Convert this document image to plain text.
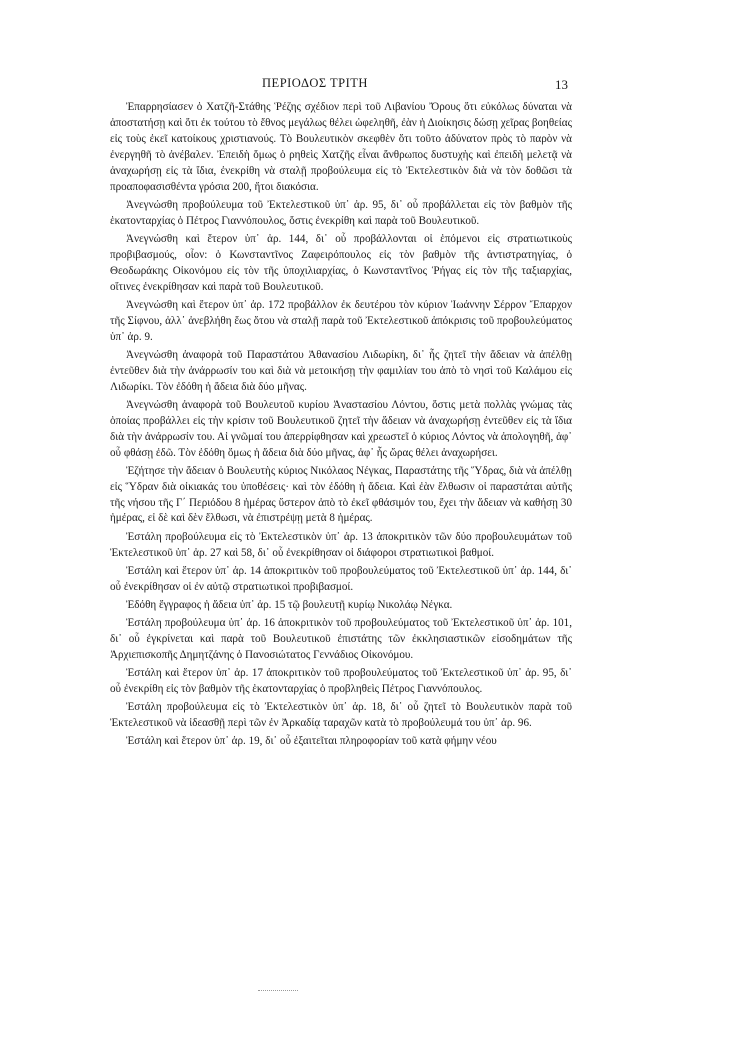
ΠΕΡΙΟΔΟΣ ΤΡΙΤΗ	13

Ἐπαρρησίασεν ὁ Χατζῆ-Στάθης Ῥέζης σχέδιον περὶ τοῦ Λιβανίου Ὄρους ὅτι εὐκόλως δύναται νὰ ἀποστατήσῃ καὶ ὅτι ἐκ τούτου τὸ ἔθνος μεγάλως θέλει ὠφεληθῆ, ἐὰν ἡ Διοίκησις δώσῃ χεῖρας βοηθείας εἰς τοὺς ἐκεῖ κατοίκους χριστιανούς. Τὸ Βουλευτικὸν σκεφθὲν ὅτι τοῦτο ἀδύνατον πρὸς τὸ παρὸν νὰ ἐνεργηθῆ τὸ ἀνέβαλεν. Ἐπειδὴ ὅμως ὁ ρηθεὶς Χατζῆς εἶναι ἄνθρωπος δυστυχὴς καὶ ἐπειδὴ μελετᾷ νὰ ἀναχωρήσῃ εἰς τὰ ἴδια, ἐνεκρίθη νὰ σταλῇ προβούλευμα εἰς τὸ Ἐκτελεστικὸν διὰ νὰ τὸν δοθῶσι τὰ προαποφασισθέντα γρόσια 200, ἤτοι διακόσια.

Ἀνεγνώσθη προβούλευμα τοῦ Ἐκτελεστικοῦ ὑπ᾿ ἀρ. 95, δι᾿ οὗ προβάλλεται εἰς τὸν βαθμὸν τῆς ἑκατονταρχίας ὁ Πέτρος Γιαννόπουλος, ὅστις ἐνεκρίθη καὶ παρὰ τοῦ Βουλευτικοῦ.

Ἀνεγνώσθη καὶ ἕτερον ὑπ᾿ ἀρ. 144, δι᾿ οὗ προβάλλονται οἱ ἑπόμενοι εἰς στρατιωτικοὺς προβιβασμούς, οἷον: ὁ Κωνσταντῖνος Ζαφειρόπουλος εἰς τὸν βαθμὸν τῆς ἀντιστρατηγίας, ὁ Θεοδωράκης Οἰκονόμου εἰς τὸν τῆς ὑποχιλιαρχίας, ὁ Κωνσταντῖνος Ῥήγας εἰς τὸν τῆς ταξιαρχίας, οἵτινες ἐνεκρίθησαν καὶ παρὰ τοῦ Βουλευτικοῦ.

Ἀνεγνώσθη καὶ ἕτερον ὑπ᾿ ἀρ. 172 προβάλλον ἐκ δευτέρου τὸν κύριον Ἰωάννην Σέρρον Ἔπαρχον τῆς Σίφνου, ἀλλ᾿ ἀνεβλήθη ἕως ὅτου νὰ σταλῇ παρὰ τοῦ Ἐκτελεστικοῦ ἀπόκρισις τοῦ προβουλεύματος ὑπ᾿ ἀρ. 9.

Ἀνεγνώσθη ἀναφορὰ τοῦ Παραστάτου Ἀθανασίου Λιδωρίκη, δι᾿ ἧς ζητεῖ τὴν ἄδειαν νὰ ἀπέλθῃ ἐντεῦθεν διὰ τὴν ἀνάρρωσίν του καὶ διὰ νὰ μετοικήσῃ τὴν φαμιλίαν του ἀπὸ τὸ νησὶ τοῦ Καλάμου εἰς Λιδωρίκι. Τὸν ἐδόθη ἡ ἄδεια διὰ δύο μῆνας.

Ἀνεγνώσθη ἀναφορὰ τοῦ Βουλευτοῦ κυρίου Ἀναστασίου Λόντου, ὅστις μετὰ πολλὰς γνώμας τὰς ὁποίας προβάλλει εἰς τὴν κρίσιν τοῦ Βουλευτικοῦ ζητεῖ τὴν ἄδειαν νὰ ἀναχωρήσῃ ἐντεῦθεν εἰς τὰ ἴδια διὰ τὴν ἀνάρρωσίν του. Αἱ γνῶμαί του ἀπερρίφθησαν καὶ χρεωστεῖ ὁ κύριος Λόντος νὰ ἀπολογηθῆ, ἀφ᾿ οὗ φθάσῃ ἐδῶ. Τὸν ἐδόθη ὅμως ἡ ἄδεια διὰ δύο μῆνας, ἀφ᾿ ἧς ὥρας θέλει ἀναχωρήσει.

Ἐζήτησε τὴν ἄδειαν ὁ Βουλευτὴς κύριος Νικόλαος Νέγκας, Παραστάτης τῆς Ὕδρας, διὰ νὰ ἀπέλθῃ εἰς Ὕδραν διὰ οἰκιακάς του ὑποθέσεις· καὶ τὸν ἐδόθη ἡ ἄδεια. Καὶ ἐὰν ἔλθωσιν οἱ παραστάται αὐτῆς τῆς νήσου τῆς Γ΄ Περιόδου 8 ἡμέρας ὕστερον ἀπὸ τὸ ἐκεῖ φθάσιμόν του, ἔχει τὴν ἄδειαν νὰ καθήσῃ 30 ἡμέρας, εἰ δὲ καὶ δὲν ἔλθωσι, νὰ ἐπιστρέψῃ μετὰ 8 ἡμέρας.

Ἐστάλη προβούλευμα εἰς τὸ Ἐκτελεστικὸν ὑπ᾿ ἀρ. 13 ἀποκριτικὸν τῶν δύο προβουλευμάτων τοῦ Ἐκτελεστικοῦ ὑπ᾿ ἀρ. 27 καὶ 58, δι᾿ οὗ ἐνεκρίθησαν οἱ διάφοροι στρατιωτικοὶ βαθμοί.

Ἐστάλη καὶ ἕτερον ὑπ᾿ ἀρ. 14 ἀποκριτικὸν τοῦ προβουλεύματος τοῦ Ἐκτελεστικοῦ ὑπ᾿ ἀρ. 144, δι᾿ οὗ ἐνεκρίθησαν οἱ ἐν αὐτῷ στρατιωτικοὶ προβιβασμοί.

Ἐδόθη ἔγγραφος ἡ ἄδεια ὑπ᾿ ἀρ. 15 τῷ βουλευτῇ κυρίῳ Νικολάῳ Νέγκα.

Ἐστάλη προβούλευμα ὑπ᾿ ἀρ. 16 ἀποκριτικὸν τοῦ προβουλεύματος τοῦ Ἐκτελεστικοῦ ὑπ᾿ ἀρ. 101, δι᾿ οὗ ἐγκρίνεται καὶ παρὰ τοῦ Βουλευτικοῦ ἐπιστάτης τῶν ἐκκλησιαστικῶν εἰσοδημάτων τῆς Ἀρχιεπισκοπῆς Δημητζάνης ὁ Πανοσιώτατος Γεννάδιος Οἰκονόμου.

Ἐστάλη καὶ ἕτερον ὑπ᾿ ἀρ. 17 ἀποκριτικὸν τοῦ προβουλεύματος τοῦ Ἐκτελεστικοῦ ὑπ᾿ ἀρ. 95, δι᾿ οὗ ἐνεκρίθη εἰς τὸν βαθμὸν τῆς ἑκατονταρχίας ὁ προβληθεὶς Πέτρος Γιαννόπουλος.

Ἐστάλη προβούλευμα εἰς τὸ Ἐκτελεστικὸν ὑπ᾿ ἀρ. 18, δι᾿ οὗ ζητεῖ τὸ Βουλευτικὸν παρὰ τοῦ Ἐκτελεστικοῦ νὰ ἰδεασθῇ περὶ τῶν ἐν Ἀρκαδίᾳ ταραχῶν κατὰ τὸ προβούλευμά του ὑπ᾿ ἀρ. 96.

Ἐστάλη καὶ ἕτερον ὑπ᾿ ἀρ. 19, δι᾿ οὗ ἐξαιτεῖται πληροφορίαν τοῦ κατὰ φήμην νέου
